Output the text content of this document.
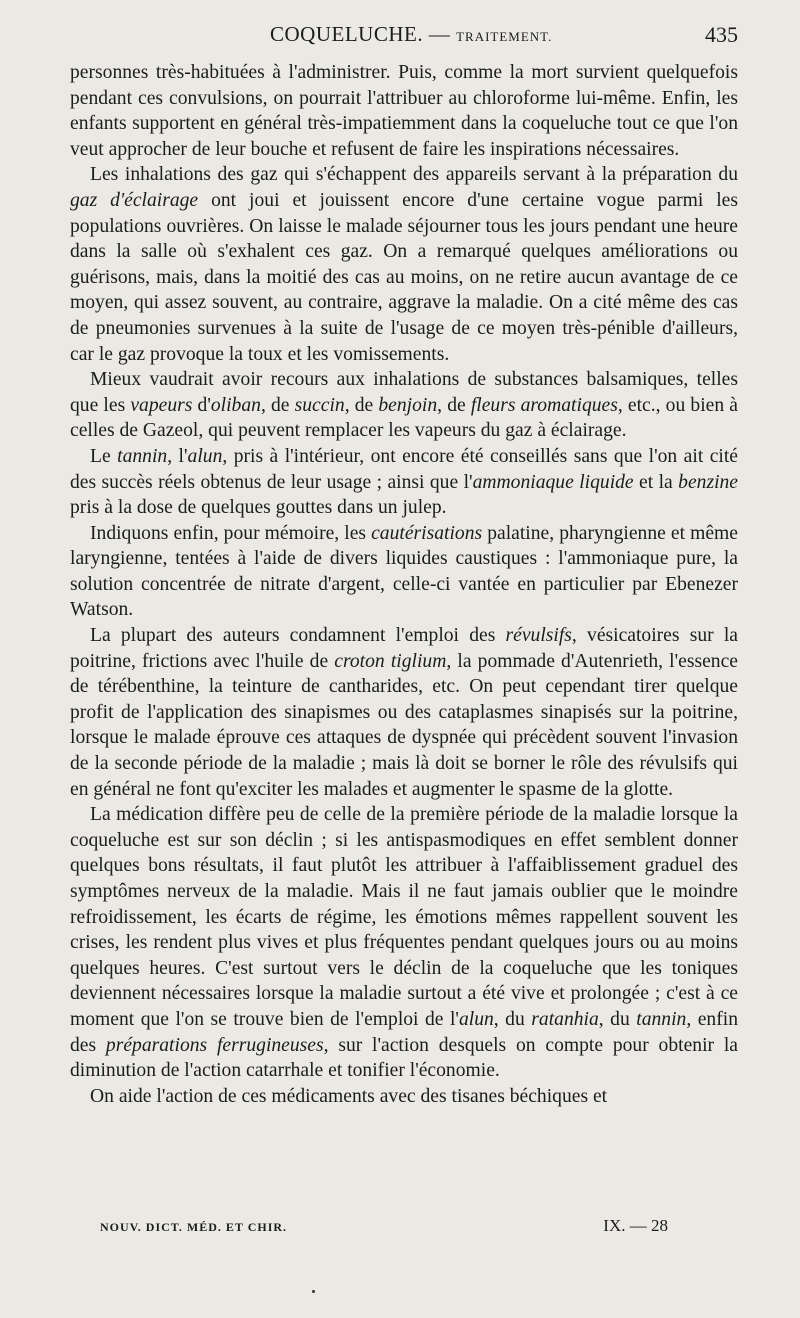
COQUELUCHE. — TRAITEMENT.	435

personnes très-habituées à l'administrer. Puis, comme la mort survient quelquefois pendant ces convulsions, on pourrait l'attribuer au chloroforme lui-même. Enfin, les enfants supportent en général très-impatiemment dans la coqueluche tout ce que l'on veut approcher de leur bouche et refusent de faire les inspirations nécessaires.

Les inhalations des gaz qui s'échappent des appareils servant à la préparation du gaz d'éclairage ont joui et jouissent encore d'une certaine vogue parmi les populations ouvrières. On laisse le malade séjourner tous les jours pendant une heure dans la salle où s'exhalent ces gaz. On a remarqué quelques améliorations ou guérisons, mais, dans la moitié des cas au moins, on ne retire aucun avantage de ce moyen, qui assez souvent, au contraire, aggrave la maladie. On a cité même des cas de pneumonies survenues à la suite de l'usage de ce moyen très-pénible d'ailleurs, car le gaz provoque la toux et les vomissements.

Mieux vaudrait avoir recours aux inhalations de substances balsamiques, telles que les vapeurs d'oliban, de succin, de benjoin, de fleurs aromatiques, etc., ou bien à celles de Gazeol, qui peuvent remplacer les vapeurs du gaz à éclairage.

Le tannin, l'alun, pris à l'intérieur, ont encore été conseillés sans que l'on ait cité des succès réels obtenus de leur usage ; ainsi que l'ammoniaque liquide et la benzine pris à la dose de quelques gouttes dans un julep.

Indiquons enfin, pour mémoire, les cautérisations palatine, pharyngienne et même laryngienne, tentées à l'aide de divers liquides caustiques : l'ammoniaque pure, la solution concentrée de nitrate d'argent, celle-ci vantée en particulier par Ebenezer Watson.

La plupart des auteurs condamnent l'emploi des révulsifs, vésicatoires sur la poitrine, frictions avec l'huile de croton tiglium, la pommade d'Autenrieth, l'essence de térébenthine, la teinture de cantharides, etc. On peut cependant tirer quelque profit de l'application des sinapismes ou des cataplasmes sinapisés sur la poitrine, lorsque le malade éprouve ces attaques de dyspnée qui précèdent souvent l'invasion de la seconde période de la maladie ; mais là doit se borner le rôle des révulsifs qui en général ne font qu'exciter les malades et augmenter le spasme de la glotte.

La médication diffère peu de celle de la première période de la maladie lorsque la coqueluche est sur son déclin ; si les antispasmodiques en effet semblent donner quelques bons résultats, il faut plutôt les attribuer à l'affaiblissement graduel des symptômes nerveux de la maladie. Mais il ne faut jamais oublier que le moindre refroidissement, les écarts de régime, les émotions mêmes rappellent souvent les crises, les rendent plus vives et plus fréquentes pendant quelques jours ou au moins quelques heures. C'est surtout vers le déclin de la coqueluche que les toniques deviennent nécessaires lorsque la maladie surtout a été vive et prolongée ; c'est à ce moment que l'on se trouve bien de l'emploi de l'alun, du ratanhia, du tannin, enfin des préparations ferrugineuses, sur l'action desquels on compte pour obtenir la diminution de l'action catarrhale et tonifier l'économie.

On aide l'action de ces médicaments avec des tisanes béchiques et

NOUV. DICT. MÉD. ET CHIR.	IX. — 28
